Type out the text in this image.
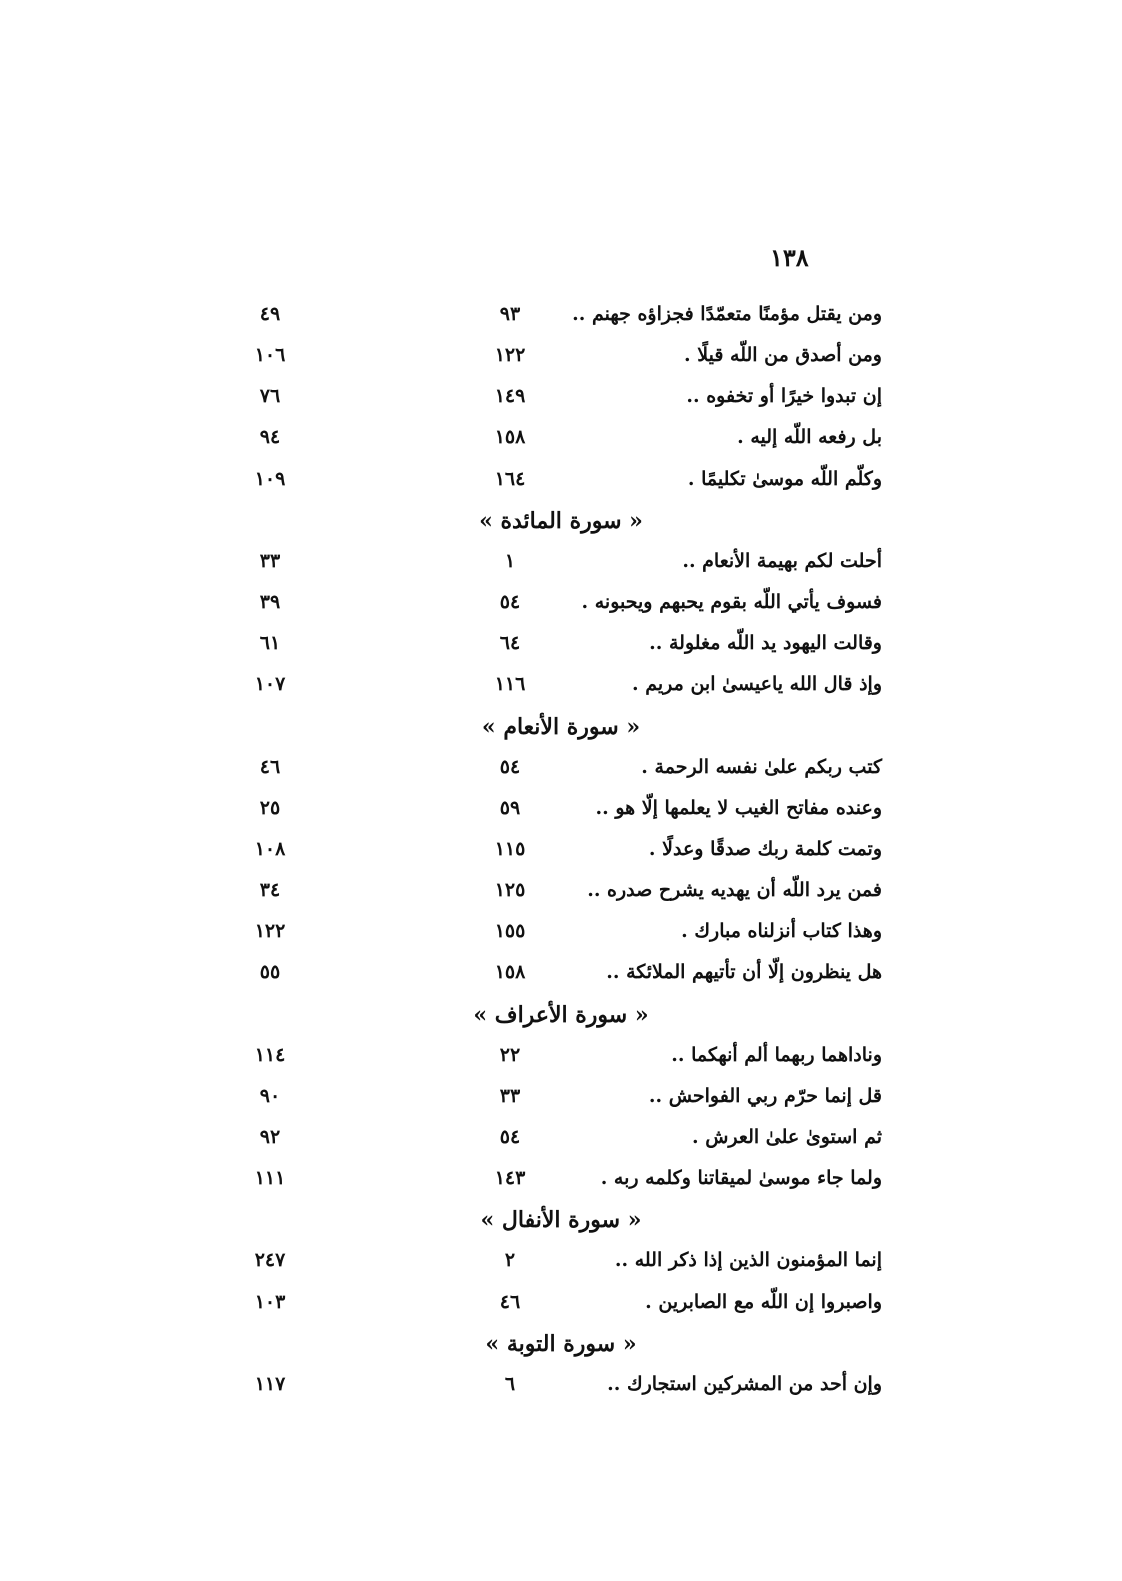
١٣٨
ومن يقتل مؤمنًا متعمّدًا فجزاؤه جهنم ..
٩٣
٤٩
ومن أصدق من اللّه قيلًا .
١٢٢
١٠٦
إن تبدوا خيرًا أو تخفوه ..
١٤٩
٧٦
بل رفعه اللّه إليه .
١٥٨
٩٤
وكلّم اللّه موسىٰ تكليمًا .
١٦٤
١٠٩
« سورة المائدة »
أحلت لكم بهيمة الأنعام ..
١
٣٣
فسوف يأتي اللّه بقوم يحبهم ويحبونه .
٥٤
٣٩
وقالت اليهود يد اللّه مغلولة ..
٦٤
٦١
وإذ قال الله ياعيسىٰ ابن مريم .
١١٦
١٠٧
« سورة الأنعام »
كتب ربكم علىٰ نفسه الرحمة .
٥٤
٤٦
وعنده مفاتح الغيب لا يعلمها إلّا هو ..
٥٩
٢٥
وتمت كلمة ربك صدقًا وعدلًا .
١١٥
١٠٨
فمن يرد اللّه أن يهديه يشرح صدره ..
١٢٥
٣٤
وهذا كتاب أنزلناه مبارك .
١٥٥
١٢٢
هل ينظرون إلّا أن تأتيهم الملائكة ..
١٥٨
٥٥
« سورة الأعراف »
وناداهما ربهما ألم أنهكما ..
٢٢
١١٤
قل إنما حرّم ربي الفواحش ..
٣٣
٩٠
ثم استوىٰ علىٰ العرش .
٥٤
٩٢
ولما جاء موسىٰ لميقاتنا وكلمه ربه .
١٤٣
١١١
« سورة الأنفال »
إنما المؤمنون الذين إذا ذكر الله ..
٢
٢٤٧
واصبروا إن اللّه مع الصابرين .
٤٦
١٠٣
« سورة التوبة »
وإن أحد من المشركين استجارك ..
٦
١١٧
